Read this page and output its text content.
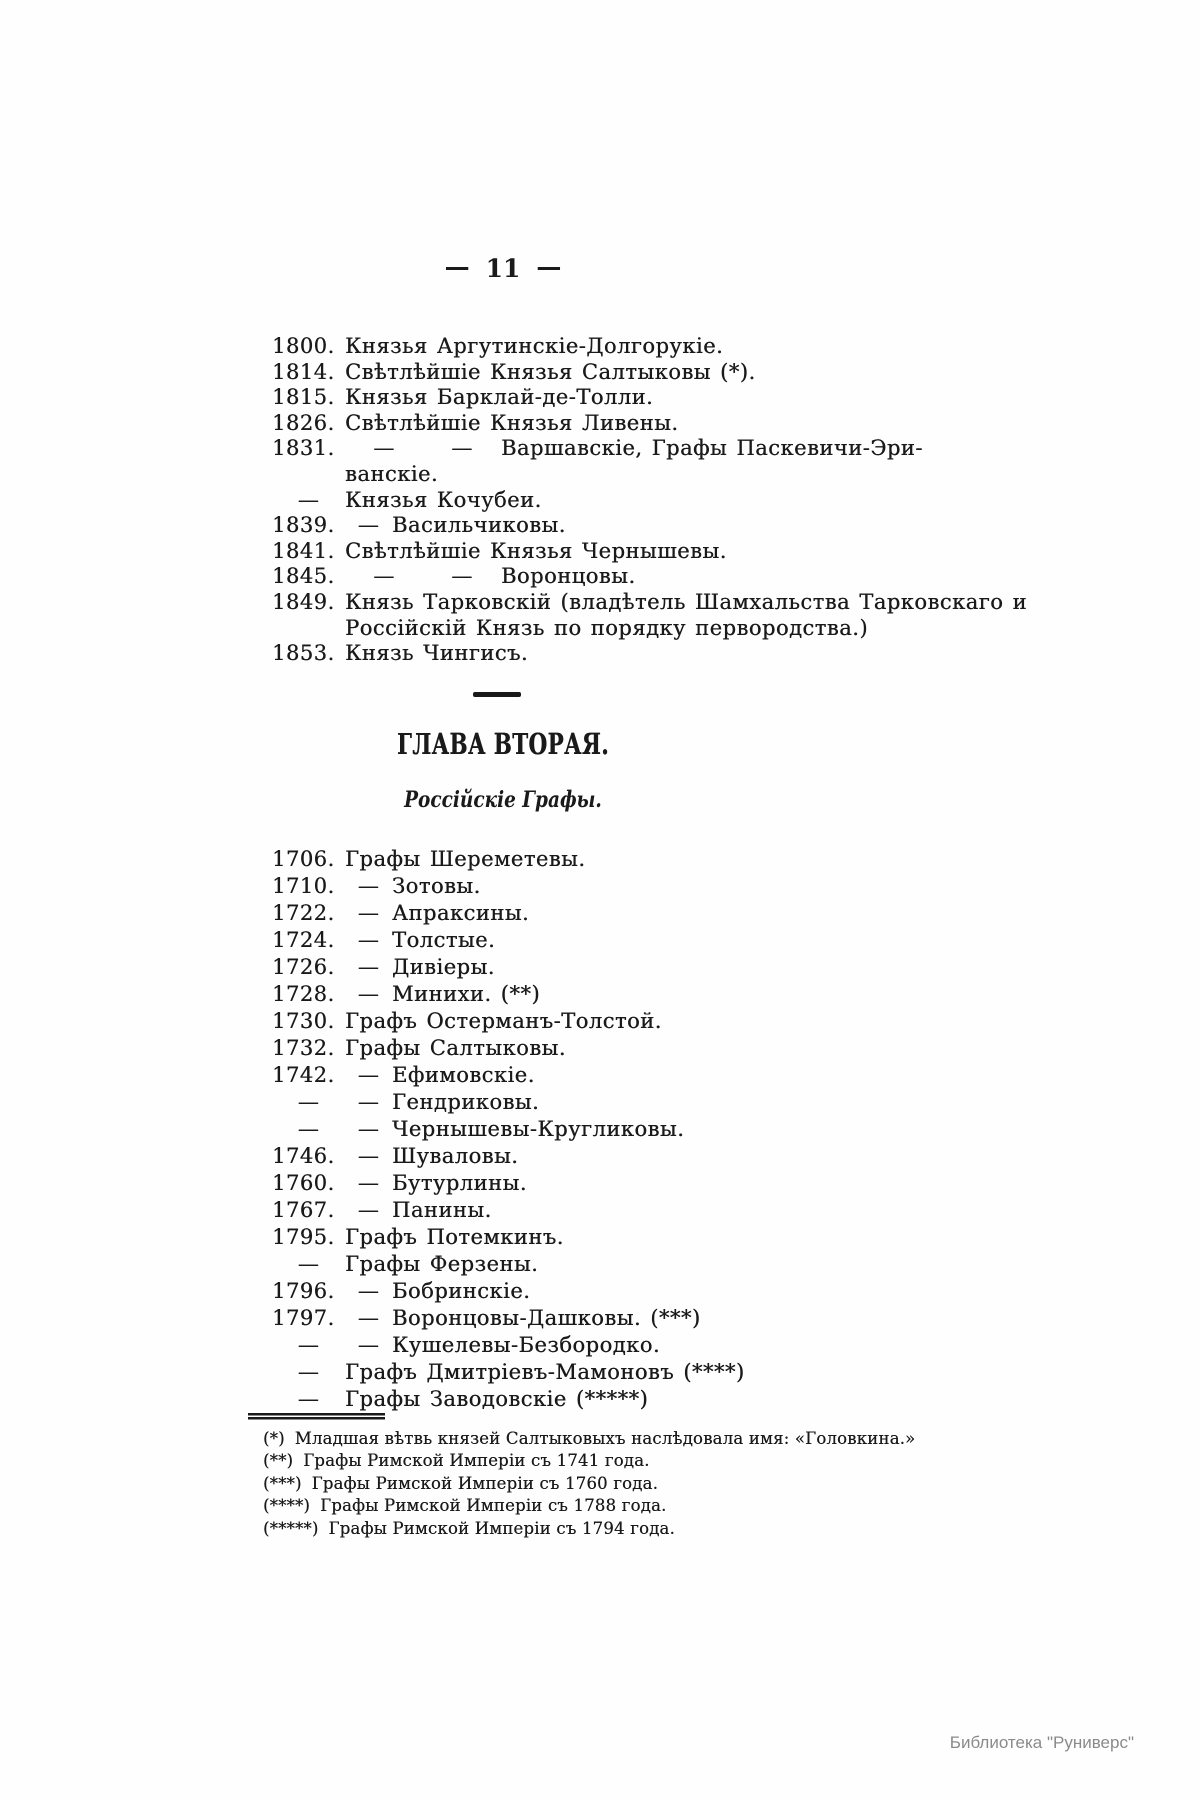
— 11 —
1800. Князья Аргутинскіе-Долгорукіе.
1814. Свѣтлѣйшіе Князья Салтыковы (*).
1815. Князья Барклай-де-Толли.
1826. Свѣтлѣйшіе Князья Ливены.
1831. —	— Варшавскіе, Графы Паскевичи-Эри-
ванскіе.
— Князья Кочубеи.
1839. — Васильчиковы.
1841. Свѣтлѣйшіе Князья Чернышевы.
1845. —	— Воронцовы.
1849. Князь Тарковскій (владѣтель Шамхальства Тарковскаго и
Россійскій Князь по порядку первородства.)
1853. Князь Чингисъ.
ГЛАВА ВТОРАЯ.
Россійскіе Графы.
1706. Графы Шереметевы.
1710. — Зотовы.
1722. — Апраксины.
1724. — Толстые.
1726. — Дивіеры.
1728. — Минихи. (**)
1730. Графъ Остерманъ-Толстой.
1732. Графы Салтыковы.
1742. — Ефимовскіе.
— — Гендриковы.
— — Чернышевы-Кругликовы.
1746. — Шуваловы.
1760. — Бутурлины.
1767. — Панины.
1795. Графъ Потемкинъ.
— Графы Ферзены.
1796. — Бобринскіе.
1797. — Воронцовы-Дашковы. (***)
— — Кушелевы-Безбородко.
— Графъ Дмитріевъ-Мамоновъ (****)
— Графы Заводовскіе (*****)
(*) Младшая вѣтвь князей Салтыковыхъ наслѣдовала имя: «Головкина.»
(**) Графы Римской Имперіи съ 1741 года.
(***) Графы Римской Имперіи съ 1760 года.
(****) Графы Римской Имперіи съ 1788 года.
(*****) Графы Римской Имперіи съ 1794 года.
Библиотека "Руниверс"
